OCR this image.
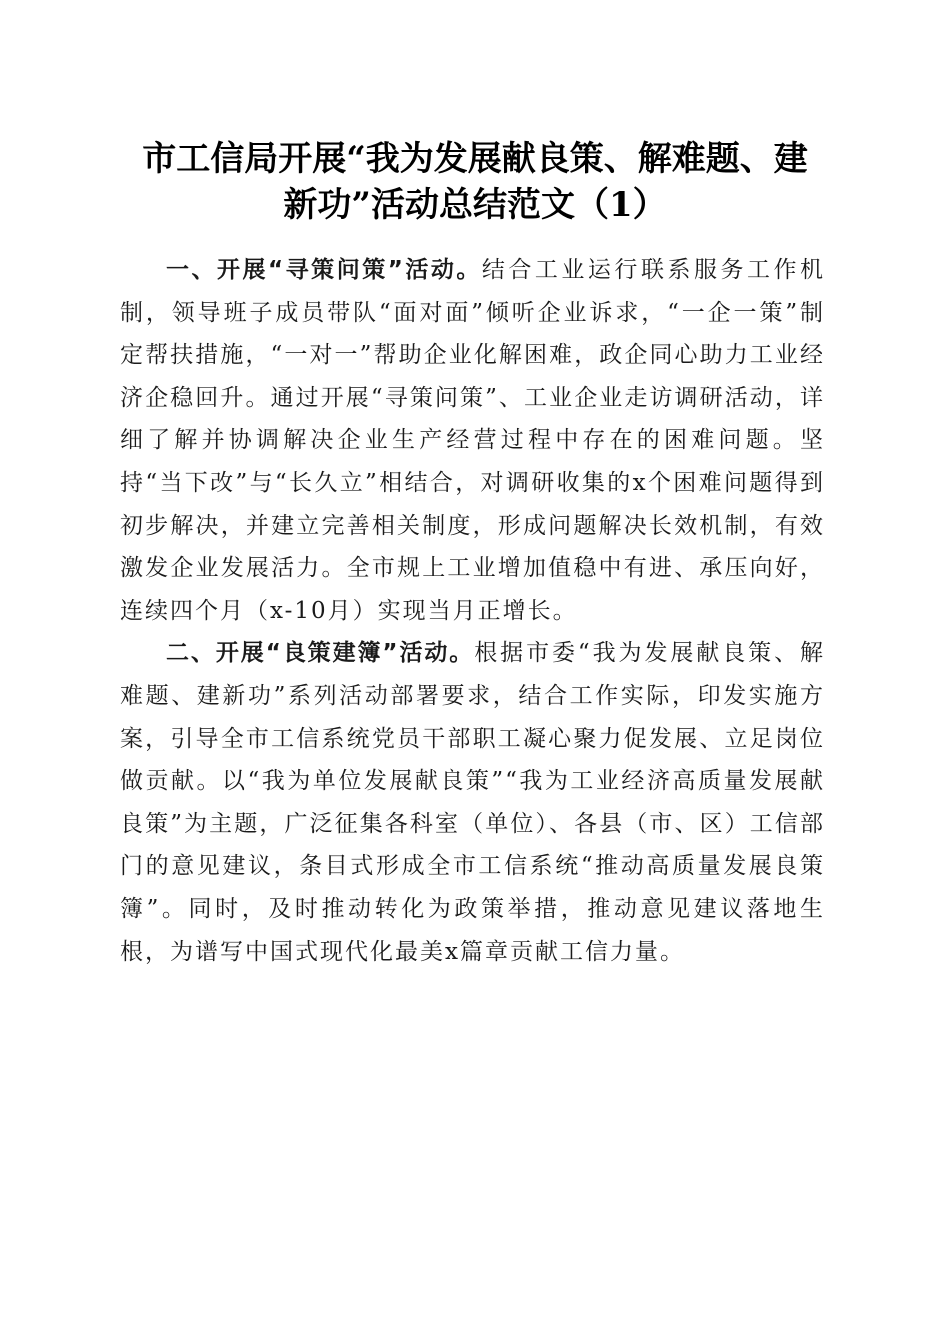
市工信局开展“我为发展献良策、解难题、建
新功”活动总结范文（1）

一、开展“寻策问策”活动。结合工业运行联系服务工作机制，领导班子成员带队“面对面”倾听企业诉求，“一企一策”制定帮扶措施，“一对一”帮助企业化解困难，政企同心助力工业经济企稳回升。通过开展“寻策问策”、工业企业走访调研活动，详细了解并协调解决企业生产经营过程中存在的困难问题。坚持“当下改”与“长久立”相结合，对调研收集的x个困难问题得到初步解决，并建立完善相关制度，形成问题解决长效机制，有效激发企业发展活力。全市规上工业增加值稳中有进、承压向好，连续四个月（x-10月）实现当月正增长。

二、开展“良策建簿”活动。根据市委“我为发展献良策、解难题、建新功”系列活动部署要求，结合工作实际，印发实施方案，引导全市工信系统党员干部职工凝心聚力促发展、立足岗位做贡献。以“我为单位发展献良策”“我为工业经济高质量发展献良策”为主题，广泛征集各科室（单位）、各县（市、区）工信部门的意见建议，条目式形成全市工信系统“推动高质量发展良策簿”。同时，及时推动转化为政策举措，推动意见建议落地生根，为谱写中国式现代化最美x篇章贡献工信力量。
